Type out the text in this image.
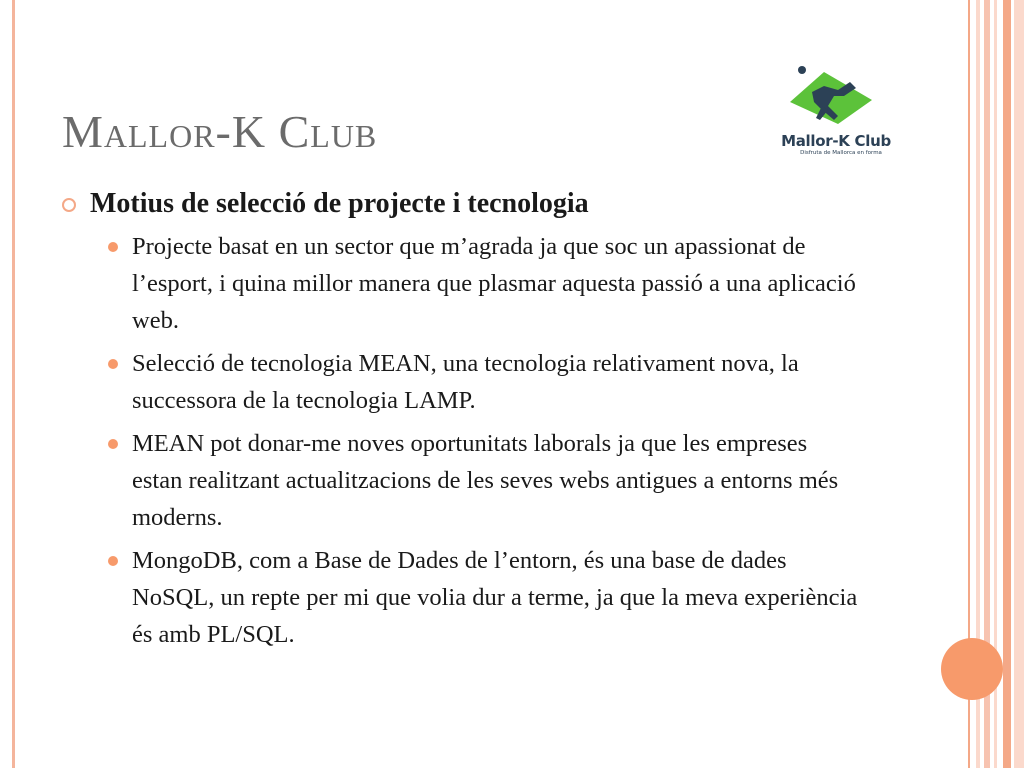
Mallor-K Club	Mallor-K Club
Disfruta de Mallorca en forma
Motius de selecció de projecte i tecnologia
Projecte basat en un sector que m’agrada ja que soc un apassionat de l’esport, i quina millor manera que plasmar aquesta passió a una aplicació web.
Selecció de tecnologia MEAN, una tecnologia relativament nova, la successora de la tecnologia LAMP.
MEAN pot donar-me noves oportunitats laborals ja que les empreses estan realitzant actualitzacions de les seves webs antigues a entorns més moderns.
MongoDB, com a Base de Dades de l’entorn, és una base de dades NoSQL, un repte per mi que volia dur a terme, ja que la meva experiència és amb PL/SQL.
